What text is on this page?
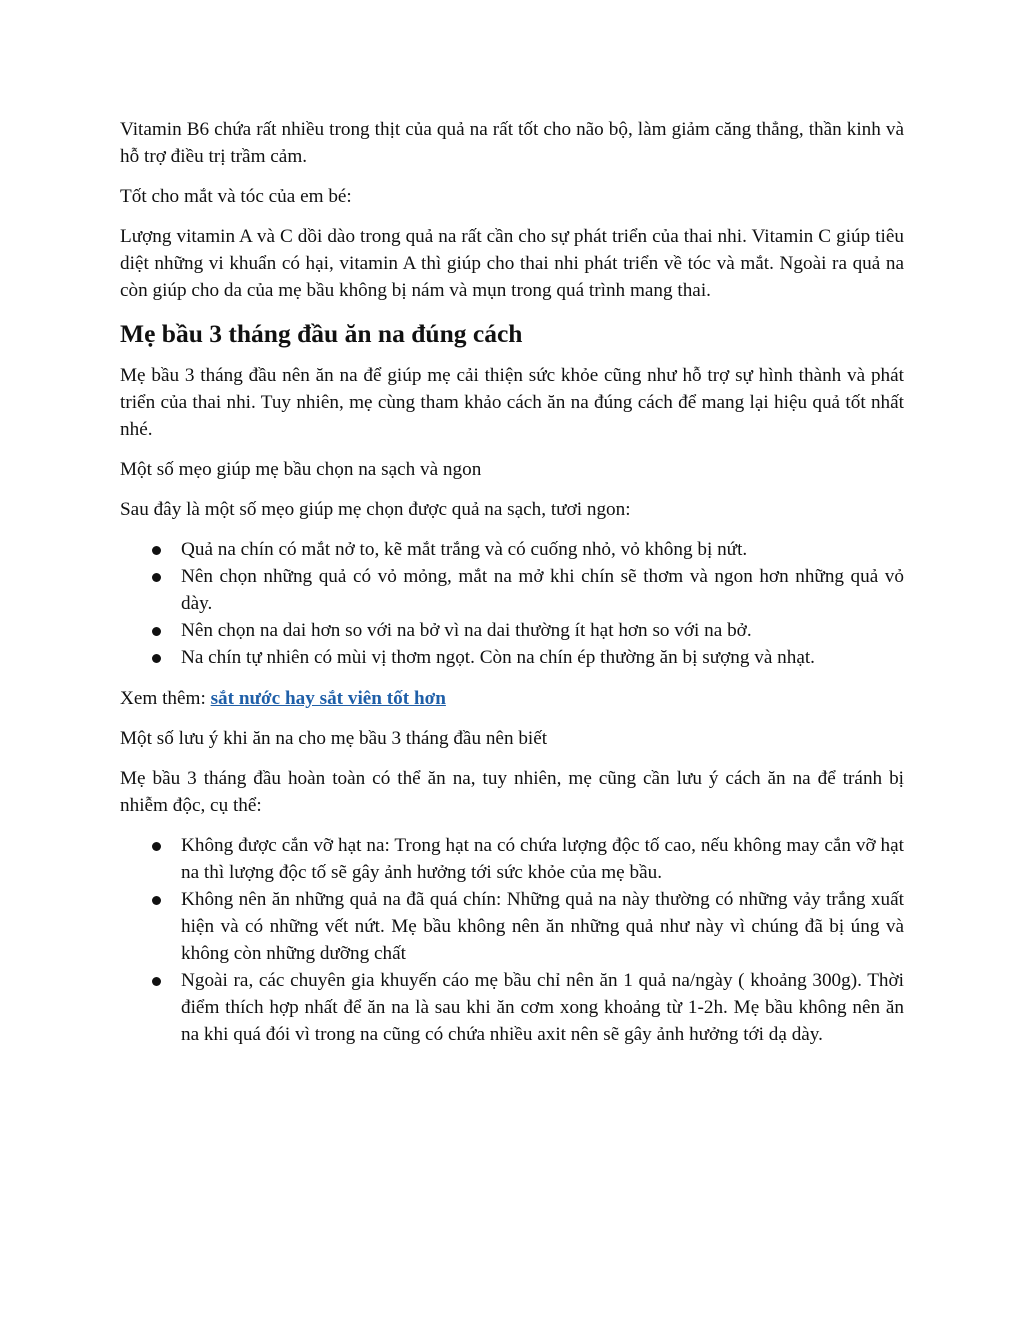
Vitamin B6 chứa rất nhiều trong thịt của quả na rất tốt cho não bộ, làm giảm căng thẳng, thần kinh và hỗ trợ điều trị trầm cảm.

Tốt cho mắt và tóc của em bé:

Lượng vitamin A và C dồi dào trong quả na rất cần cho sự phát triển của thai nhi. Vitamin C giúp tiêu diệt những vi khuẩn có hại, vitamin A thì giúp cho thai nhi phát triển về tóc và mắt. Ngoài ra quả na còn giúp cho da của mẹ bầu không bị nám và mụn trong quá trình mang thai.

Mẹ bầu 3 tháng đầu ăn na đúng cách

Mẹ bầu 3 tháng đầu nên ăn na để giúp mẹ cải thiện sức khỏe cũng như hỗ trợ sự hình thành và phát triển của thai nhi. Tuy nhiên, mẹ cùng tham khảo cách ăn na đúng cách để mang lại hiệu quả tốt nhất nhé.

Một số mẹo giúp mẹ bầu chọn na sạch và ngon

Sau đây là một số mẹo giúp mẹ chọn được quả na sạch, tươi ngon:

Quả na chín có mắt nở to, kẽ mắt trắng và có cuống nhỏ, vỏ không bị nứt.
Nên chọn những quả có vỏ mỏng, mắt na mở khi chín sẽ thơm và ngon hơn những quả vỏ dày.
Nên chọn na dai hơn so với na bở vì na dai thường ít hạt hơn so với na bở.
Na chín tự nhiên có mùi vị thơm ngọt. Còn na chín ép thường ăn bị sượng và nhạt.

Xem thêm: sắt nước hay sắt viên tốt hơn

Một số lưu ý khi ăn na cho mẹ bầu 3 tháng đầu nên biết

Mẹ bầu 3 tháng đầu hoàn toàn có thể ăn na, tuy nhiên, mẹ cũng cần lưu ý cách ăn na để tránh bị nhiễm độc, cụ thể:

Không được cắn vỡ hạt na: Trong hạt na có chứa lượng độc tố cao, nếu không may cắn vỡ hạt na thì lượng độc tố sẽ gây ảnh hưởng tới sức khỏe của mẹ bầu.
Không nên ăn những quả na đã quá chín: Những quả na này thường có những vảy trắng xuất hiện và có những vết nứt. Mẹ bầu không nên ăn những quả như này vì chúng đã bị úng và không còn những dưỡng chất
Ngoài ra, các chuyên gia khuyến cáo mẹ bầu chỉ nên ăn 1 quả na/ngày ( khoảng 300g). Thời điểm thích hợp nhất để ăn na là sau khi ăn cơm xong khoảng từ 1-2h. Mẹ bầu không nên ăn na khi quá đói vì trong na cũng có chứa nhiều axit nên sẽ gây ảnh hưởng tới dạ dày.
